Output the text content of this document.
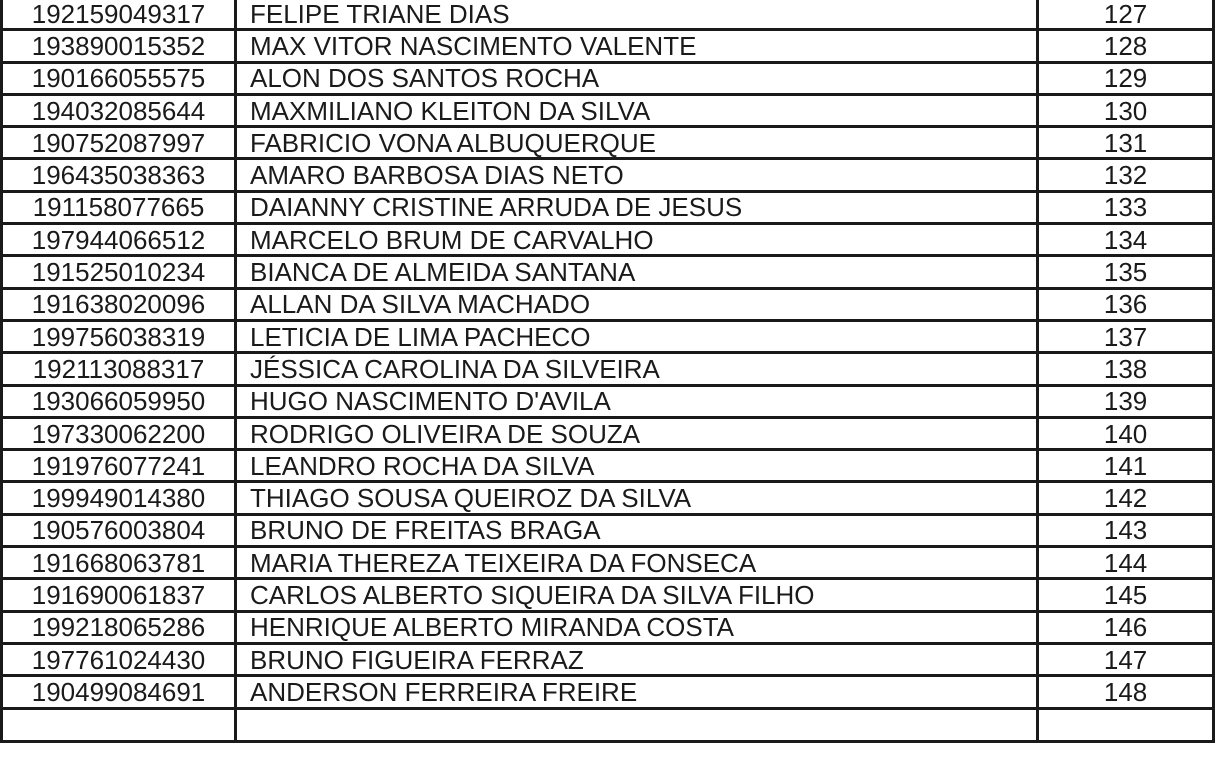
192159049317	FELIPE TRIANE DIAS	127
193890015352	MAX VITOR NASCIMENTO VALENTE	128
190166055575	ALON DOS SANTOS ROCHA	129
194032085644	MAXMILIANO KLEITON DA SILVA	130
190752087997	FABRICIO VONA ALBUQUERQUE	131
196435038363	AMARO BARBOSA DIAS NETO	132
191158077665	DAIANNY CRISTINE ARRUDA DE JESUS	133
197944066512	MARCELO BRUM DE CARVALHO	134
191525010234	BIANCA DE ALMEIDA SANTANA	135
191638020096	ALLAN DA SILVA MACHADO	136
199756038319	LETICIA DE LIMA PACHECO	137
192113088317	JÉSSICA CAROLINA DA SILVEIRA	138
193066059950	HUGO NASCIMENTO D'AVILA	139
197330062200	RODRIGO OLIVEIRA DE SOUZA	140
191976077241	LEANDRO ROCHA DA SILVA	141
199949014380	THIAGO SOUSA QUEIROZ DA SILVA	142
190576003804	BRUNO DE FREITAS BRAGA	143
191668063781	MARIA THEREZA TEIXEIRA DA FONSECA	144
191690061837	CARLOS ALBERTO SIQUEIRA DA SILVA FILHO	145
199218065286	HENRIQUE ALBERTO MIRANDA COSTA	146
197761024430	BRUNO FIGUEIRA FERRAZ	147
190499084691	ANDERSON FERREIRA FREIRE	148
